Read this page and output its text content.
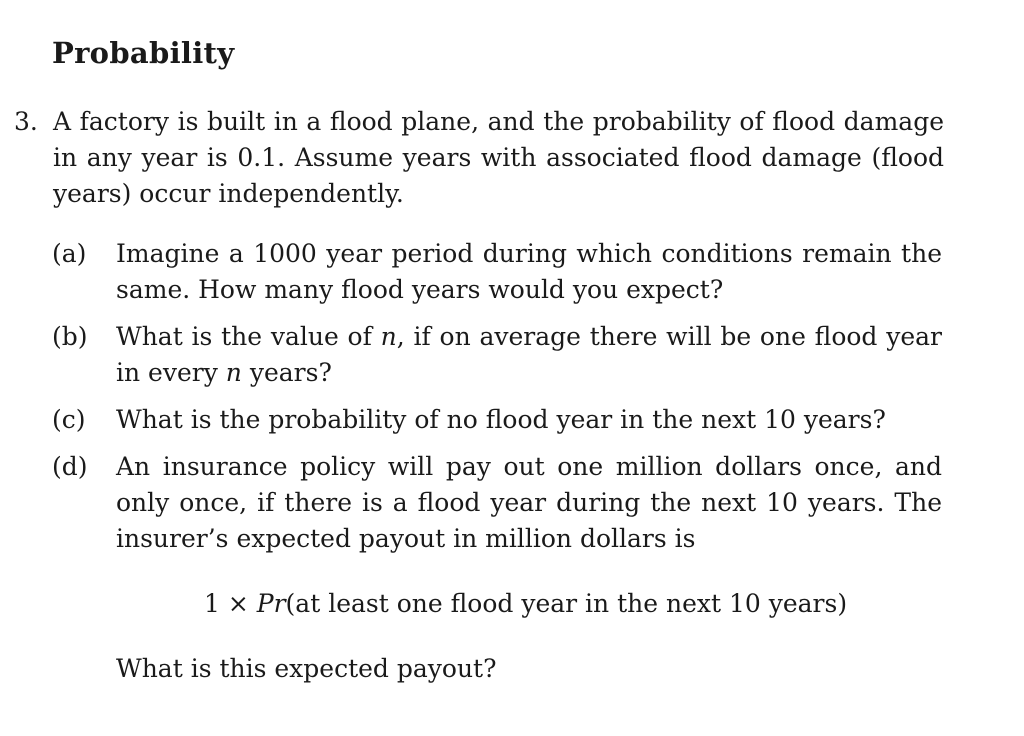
Probability
3. A factory is built in a flood plane, and the probability of flood damage in any year is 0.1. Assume years with associated flood damage (flood years) occur independently.
(a) Imagine a 1000 year period during which conditions remain the same. How many flood years would you expect?
(b) What is the value of n, if on average there will be one flood year in every n years?
(c) What is the probability of no flood year in the next 10 years?
(d) An insurance policy will pay out one million dollars once, and only once, if there is a flood year during the next 10 years. The insurer’s expected payout in million dollars is
1 × Pr(at least one flood year in the next 10 years)
What is this expected payout?
